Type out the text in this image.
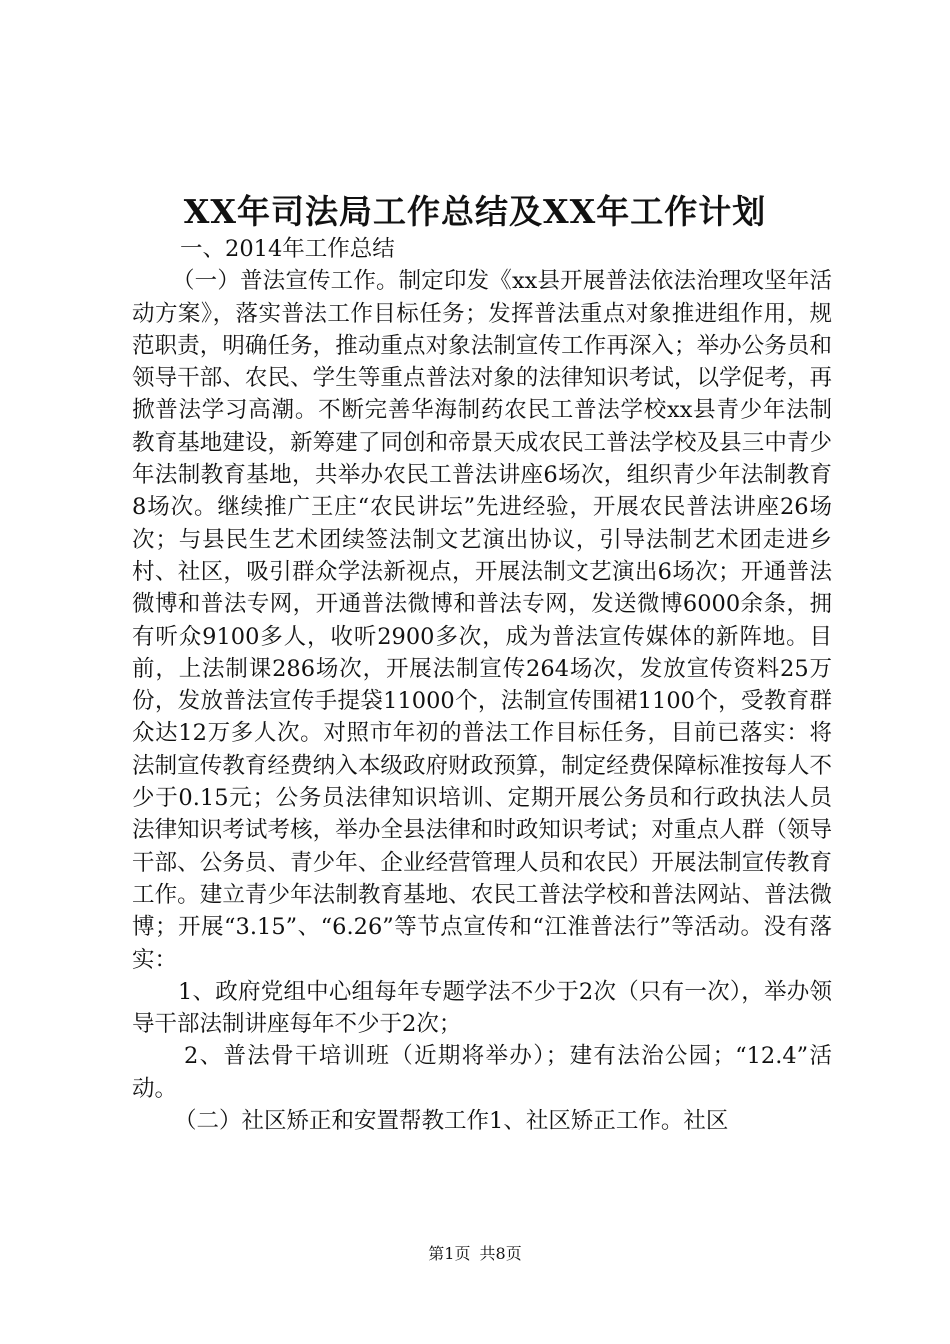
XX年司法局工作总结及XX年工作计划

一、2014年工作总结

（一）普法宣传工作。制定印发《xx县开展普法依法治理攻坚年活动方案》，落实普法工作目标任务；发挥普法重点对象推进组作用，规范职责，明确任务，推动重点对象法制宣传工作再深入；举办公务员和领导干部、农民、学生等重点普法对象的法律知识考试，以学促考，再掀普法学习高潮。不断完善华海制药农民工普法学校xx县青少年法制教育基地建设，新筹建了同创和帝景天成农民工普法学校及县三中青少年法制教育基地，共举办农民工普法讲座6场次，组织青少年法制教育8场次。继续推广王庄“农民讲坛”先进经验，开展农民普法讲座26场次；与县民生艺术团续签法制文艺演出协议，引导法制艺术团走进乡村、社区，吸引群众学法新视点，开展法制文艺演出6场次；开通普法微博和普法专网，开通普法微博和普法专网，发送微博6000余条，拥有听众9100多人，收听2900多次，成为普法宣传媒体的新阵地。目前，上法制课286场次，开展法制宣传264场次，发放宣传资料25万份，发放普法宣传手提袋11000个，法制宣传围裙1100个，受教育群众达12万多人次。对照市年初的普法工作目标任务，目前已落实：将法制宣传教育经费纳入本级政府财政预算，制定经费保障标准按每人不少于0.15元；公务员法律知识培训、定期开展公务员和行政执法人员法律知识考试考核，举办全县法律和时政知识考试；对重点人群（领导干部、公务员、青少年、企业经营管理人员和农民）开展法制宣传教育工作。建立青少年法制教育基地、农民工普法学校和普法网站、普法微博；开展“3.15”、“6.26”等节点宣传和“江淮普法行”等活动。没有落实：

1、政府党组中心组每年专题学法不少于2次（只有一次），举办领导干部法制讲座每年不少于2次；

2、普法骨干培训班（近期将举办）；建有法治公园；“12.4”活动。

（二）社区矫正和安置帮教工作1、社区矫正工作。社区

第1页 共8页
